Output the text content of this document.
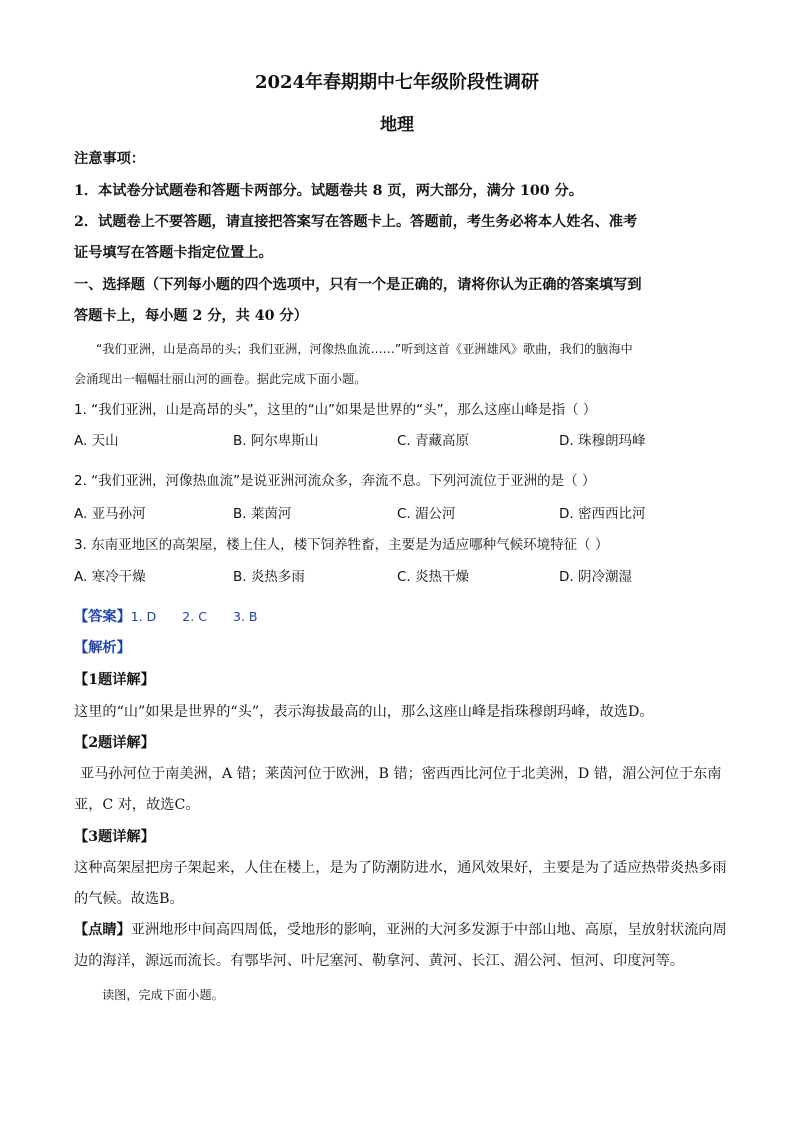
2024年春期期中七年级阶段性调研
地理
注意事项：
1．本试卷分试题卷和答题卡两部分。试题卷共 8 页，两大部分，满分 100 分。
2．试题卷上不要答题，请直接把答案写在答题卡上。答题前，考生务必将本人姓名、准考
证号填写在答题卡指定位置上。
一、选择题（下列每小题的四个选项中，只有一个是正确的，请将你认为正确的答案填写到
答题卡上，每小题 2 分，共 40 分）
“我们亚洲，山是高昂的头；我们亚洲，河像热血流……”听到这首《亚洲雄风》歌曲，我们的脑海中
会涌现出一幅幅壮丽山河的画卷。据此完成下面小题。
1. “我们亚洲，山是高昂的头”，这里的“山”如果是世界的“头”，那么这座山峰是指（ ）
A. 天山	B. 阿尔卑斯山	C. 青藏高原	D. 珠穆朗玛峰
2. “我们亚洲，河像热血流”是说亚洲河流众多，奔流不息。下列河流位于亚洲的是（ ）
A. 亚马孙河	B. 莱茵河	C. 湄公河	D. 密西西比河
3. 东南亚地区的高架屋，楼上住人，楼下饲养牲畜，主要是为适应哪种气候环境特征（ ）
A. 寒冷干燥	B. 炎热多雨	C. 炎热干燥	D. 阴冷潮湿
【答案】1. D 2. C 3. B
【解析】
【1题详解】
这里的“山”如果是世界的“头”，表示海拔最高的山，那么这座山峰是指珠穆朗玛峰，故选D。
【2题详解】
亚马孙河位于南美洲，A 错；莱茵河位于欧洲，B 错；密西西比河位于北美洲，D 错，湄公河位于东南
亚，C 对，故选C。
【3题详解】
这种高架屋把房子架起来，人住在楼上，是为了防潮防进水，通风效果好，主要是为了适应热带炎热多雨
的气候。故选B。
【点睛】亚洲地形中间高四周低，受地形的影响，亚洲的大河多发源于中部山地、高原，呈放射状流向周
边的海洋，源远而流长。有鄂毕河、叶尼塞河、勒拿河、黄河、长江、湄公河、恒河、印度河等。
读图，完成下面小题。
